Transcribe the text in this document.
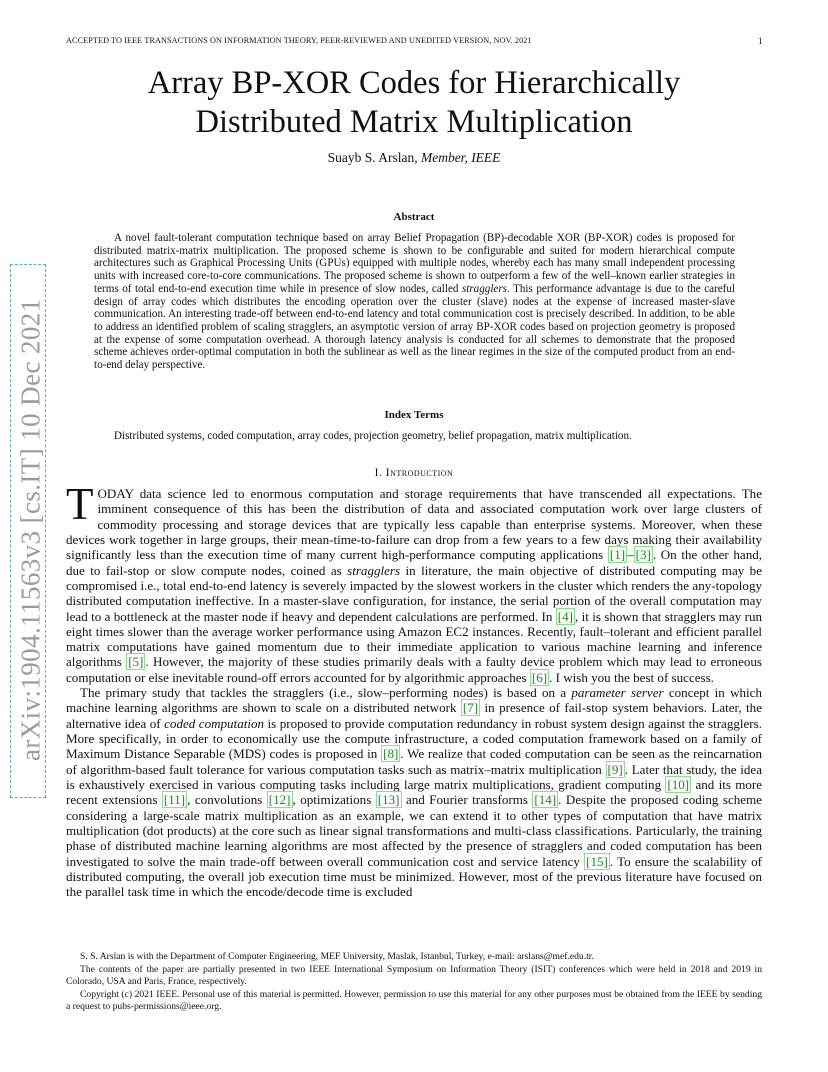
ACCEPTED TO IEEE TRANSACTIONS ON INFORMATION THEORY, PEER-REVIEWED AND UNEDITED VERSION, NOV. 2021	1
arXiv:1904.11563v3 [cs.IT] 10 Dec 2021
Array BP-XOR Codes for Hierarchically
Distributed Matrix Multiplication
Suayb S. Arslan, Member, IEEE
Abstract

A novel fault-tolerant computation technique based on array Belief Propagation (BP)-decodable XOR (BP-XOR) codes is proposed for distributed matrix-matrix multiplication. The proposed scheme is shown to be configurable and suited for modern hierarchical compute architectures such as Graphical Processing Units (GPUs) equipped with multiple nodes, whereby each has many small independent processing units with increased core-to-core communications. The proposed scheme is shown to outperform a few of the well–known earlier strategies in terms of total end-to-end execution time while in presence of slow nodes, called stragglers. This performance advantage is due to the careful design of array codes which distributes the encoding operation over the cluster (slave) nodes at the expense of increased master-slave communication. An interesting trade-off between end-to-end latency and total communication cost is precisely described. In addition, to be able to address an identified problem of scaling stragglers, an asymptotic version of array BP-XOR codes based on projection geometry is proposed at the expense of some computation overhead. A thorough latency analysis is conducted for all schemes to demonstrate that the proposed scheme achieves order-optimal computation in both the sublinear as well as the linear regimes in the size of the computed product from an end-to-end delay perspective.

Index Terms
Distributed systems, coded computation, array codes, projection geometry, belief propagation, matrix multiplication.
I. Introduction

TODAY data science led to enormous computation and storage requirements that have transcended all expectations. The imminent consequence of this has been the distribution of data and associated computation work over large clusters of commodity processing and storage devices that are typically less capable than enterprise systems. Moreover, when these devices work together in large groups, their mean-time-to-failure can drop from a few years to a few days making their availability significantly less than the execution time of many current high-performance computing applications [1] – [3] . On the other hand, due to fail-stop or slow compute nodes, coined as stragglers in literature, the main objective of distributed computing may be compromised i.e., total end-to-end latency is severely impacted by the slowest workers in the cluster which renders the any-topology distributed computation ineffective. In a master-slave configuration, for instance, the serial portion of the overall computation may lead to a bottleneck at the master node if heavy and dependent calculations are performed. In [4] , it is shown that stragglers may run eight times slower than the average worker performance using Amazon EC2 instances. Recently, fault–tolerant and efficient parallel matrix computations have gained momentum due to their immediate application to various machine learning and inference algorithms [5] . However, the majority of these studies primarily deals with a faulty device problem which may lead to erroneous computation or else inevitable round-off errors accounted for by algorithmic approaches [6] . I wish you the best of success.

The primary study that tackles the stragglers (i.e., slow–performing nodes) is based on a parameter server concept in which machine learning algorithms are shown to scale on a distributed network [7] in presence of fail-stop system behaviors. Later, the alternative idea of coded computation is proposed to provide computation redundancy in robust system design against the stragglers. More specifically, in order to economically use the compute infrastructure, a coded computation framework based on a family of Maximum Distance Separable (MDS) codes is proposed in [8] . We realize that coded computation can be seen as the reincarnation of algorithm-based fault tolerance for various computation tasks such as matrix–matrix multiplication [9] . Later that study, the idea is exhaustively exercised in various computing tasks including large matrix multiplications, gradient computing [10] and its more recent extensions [11] , convolutions [12] , optimizations [13] and Fourier transforms [14] . Despite the proposed coding scheme considering a large-scale matrix multiplication as an example, we can extend it to other types of computation that have matrix multiplication (dot products) at the core such as linear signal transformations and multi-class classifications. Particularly, the training phase of distributed machine learning algorithms are most affected by the presence of stragglers and coded computation has been investigated to solve the main trade-off between overall communication cost and service latency [15] . To ensure the scalability of distributed computing, the overall job execution time must be minimized. However, most of the previous literature have focused on the parallel task time in which the encode/decode time is excluded

S. S. Arslan is with the Department of Computer Engineering, MEF University, Maslak, Istanbul, Turkey, e-mail: arslans@mef.edu.tr.

The contents of the paper are partially presented in two IEEE International Symposium on Information Theory (ISIT) conferences which were held in 2018 and 2019 in Colorado, USA and Paris, France, respectively.

Copyright (c) 2021 IEEE. Personal use of this material is permitted. However, permission to use this material for any other purposes must be obtained from the IEEE by sending a request to pubs-permissions@ieee.org.
